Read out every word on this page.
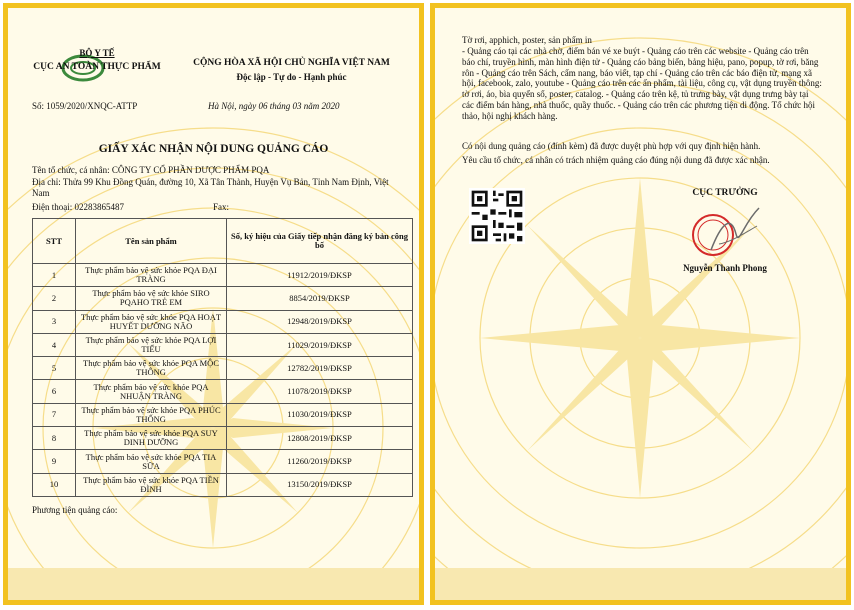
BỘ Y TẾ
CỤC AN TOÀN THỰC PHẨM	CỘNG HÒA XÃ HỘI CHỦ NGHĨA VIỆT NAM
Độc lập - Tự do - Hạnh phúc
Số: 1059/2020/XNQC-ATTP	Hà Nội, ngày 06 tháng 03 năm 2020
GIẤY XÁC NHẬN NỘI DUNG QUẢNG CÁO
Tên tổ chức, cá nhân: CÔNG TY CỔ PHẦN DƯỢC PHẨM PQA
Địa chỉ: Thửa 99 Khu Đồng Quán, đường 10, Xã Tân Thành, Huyện Vụ Bản, Tỉnh Nam Định, Việt Nam
Điện thoại: 02283865487	Fax:
STT	Tên sản phẩm	Số, ký hiệu của Giấy tiếp nhận đăng ký bản công bố
1	Thực phẩm bảo vệ sức khỏe PQA ĐẠI TRÀNG	11912/2019/ĐKSP
2	Thực phẩm bảo vệ sức khỏe SIRO PQAHO TRẺ EM	8854/2019/ĐKSP
3	Thực phẩm bảo vệ sức khỏe PQA HOẠT HUYẾT DƯỠNG NÃO	12948/2019/ĐKSP
4	Thực phẩm bảo vệ sức khỏe PQA LỢI TIỂU	11029/2019/ĐKSP
5	Thực phẩm bảo vệ sức khỏe PQA MỘC THÔNG	12782/2019/ĐKSP
6	Thực phẩm bảo vệ sức khỏe PQA NHUẬN TRÀNG	11078/2019/ĐKSP
7	Thực phẩm bảo vệ sức khỏe PQA PHÚC THỐNG	11030/2019/ĐKSP
8	Thực phẩm bảo vệ sức khỏe PQA SUY DINH DƯỠNG	12808/2019/ĐKSP
9	Thực phẩm bảo vệ sức khỏe PQA TIA SỮA	11260/2019/ĐKSP
10	Thực phẩm bảo vệ sức khỏe PQA TIỀN ĐÌNH	13150/2019/ĐKSP
Phương tiện quảng cáo:
Tờ rơi, apphich, poster, sản phẩm in
- Quảng cáo tại các nhà chờ, điểm bán vé xe buýt - Quảng cáo trên các website - Quảng cáo trên báo chí, truyền hình, màn hình điện tử - Quảng cáo bảng biển, bảng hiệu, pano, popup, tờ rơi, băng rôn - Quảng cáo trên Sách, cẩm nang, báo viết, tạp chí - Quảng cáo trên các báo điện tử, mạng xã hội, facebook, zalo, youtube - Quảng cáo trên các ấn phẩm, tài liệu, công cụ, vật dụng truyền thông: tờ rơi, áo, bìa quyển sổ, poster, catalog. - Quảng cáo trên kệ, tủ trưng bày, vật dụng trưng bày tại các điểm bán hàng, nhà thuốc, quầy thuốc. - Quảng cáo trên các phương tiện di động. Tổ chức hội thảo, hội nghị khách hàng.
Có nội dung quảng cáo (đính kèm) đã được duyệt phù hợp với quy định hiện hành.
Yêu cầu tổ chức, cá nhân có trách nhiệm quảng cáo đúng nội dung đã được xác nhận.
CỤC TRƯỞNG
Nguyễn Thanh Phong
